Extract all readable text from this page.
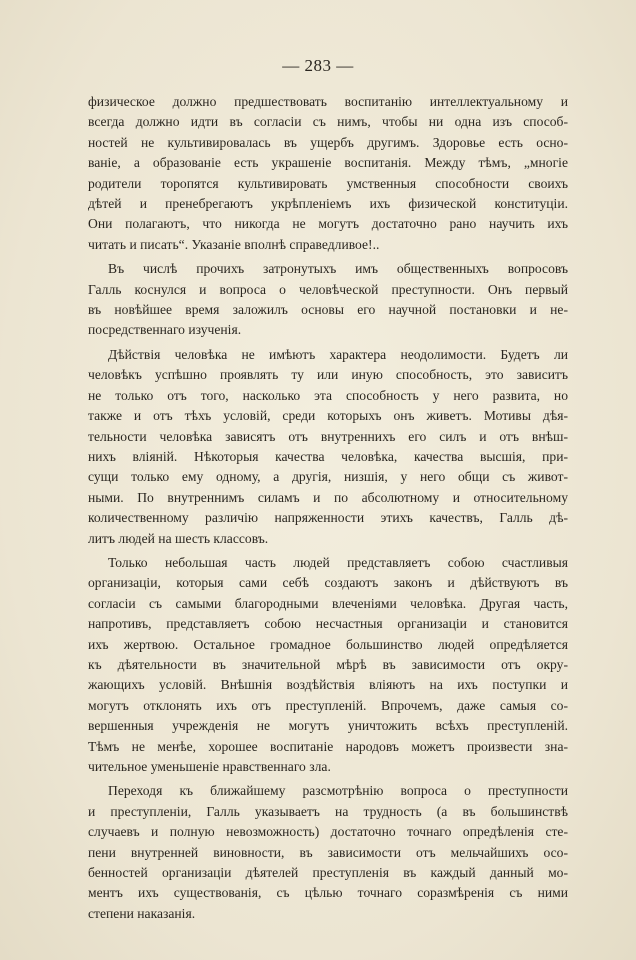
— 283 —
физическое должно предшествовать воспитанію интеллектуальному и
всегда должно идти въ согласіи съ нимъ, чтобы ни одна изъ способ-
ностей не культивировалась въ ущербъ другимъ. Здоровье есть осно-
ваніе, а образованіе есть украшеніе воспитанія. Между тѣмъ, „многіе
родители торопятся культивировать умственныя способности своихъ
дѣтей и пренебрегаютъ укрѣпленіемъ ихъ физической конституціи.
Они полагаютъ, что никогда не могутъ достаточно рано научить ихъ
читать и писать“. Указаніе вполнѣ справедливое!..
Въ числѣ прочихъ затронутыхъ имъ общественныхъ вопросовъ
Галль коснулся и вопроса о человѣческой преступности. Онъ первый
въ новѣйшее время заложилъ основы его научной постановки и не-
посредственнаго изученія.
Дѣйствія человѣка не имѣютъ характера неодолимости. Будетъ ли
человѣкъ успѣшно проявлять ту или иную способность, это зависитъ
не только отъ того, насколько эта способность у него развита, но
также и отъ тѣхъ условій, среди которыхъ онъ живетъ. Мотивы дѣя-
тельности человѣка зависятъ отъ внутреннихъ его силъ и отъ внѣш-
нихъ вліяній. Нѣкоторыя качества человѣка, качества высшія, при-
сущи только ему одному, а другія, низшія, у него общи съ живот-
ными. По внутреннимъ силамъ и по абсолютному и относительному
количественному различію напряженности этихъ качествъ, Галль дѣ-
литъ людей на шесть классовъ.
Только небольшая часть людей представляетъ собою счастливыя
организаціи, которыя сами себѣ создаютъ законъ и дѣйствуютъ въ
согласіи съ самыми благородными влеченіями человѣка. Другая часть,
напротивъ, представляетъ собою несчастныя организаціи и становится
ихъ жертвою. Остальное громадное большинство людей опредѣляется
къ дѣятельности въ значительной мѣрѣ въ зависимости отъ окру-
жающихъ условій. Внѣшнія воздѣйствія вліяютъ на ихъ поступки и
могутъ отклонять ихъ отъ преступленій. Впрочемъ, даже самыя со-
вершенныя учрежденія не могутъ уничтожить всѣхъ преступленій.
Тѣмъ не менѣе, хорошее воспитаніе народовъ можетъ произвести зна-
чительное уменьшеніе нравственнаго зла.
Переходя къ ближайшему разсмотрѣнію вопроса о преступности
и преступленіи, Галль указываетъ на трудность (а въ большинствѣ
случаевъ и полную невозможность) достаточно точнаго опредѣленія сте-
пени внутренней виновности, въ зависимости отъ мельчайшихъ осо-
бенностей организаціи дѣятелей преступленія въ каждый данный мо-
ментъ ихъ существованія, съ цѣлью точнаго соразмѣренія съ ними
степени наказанія.
